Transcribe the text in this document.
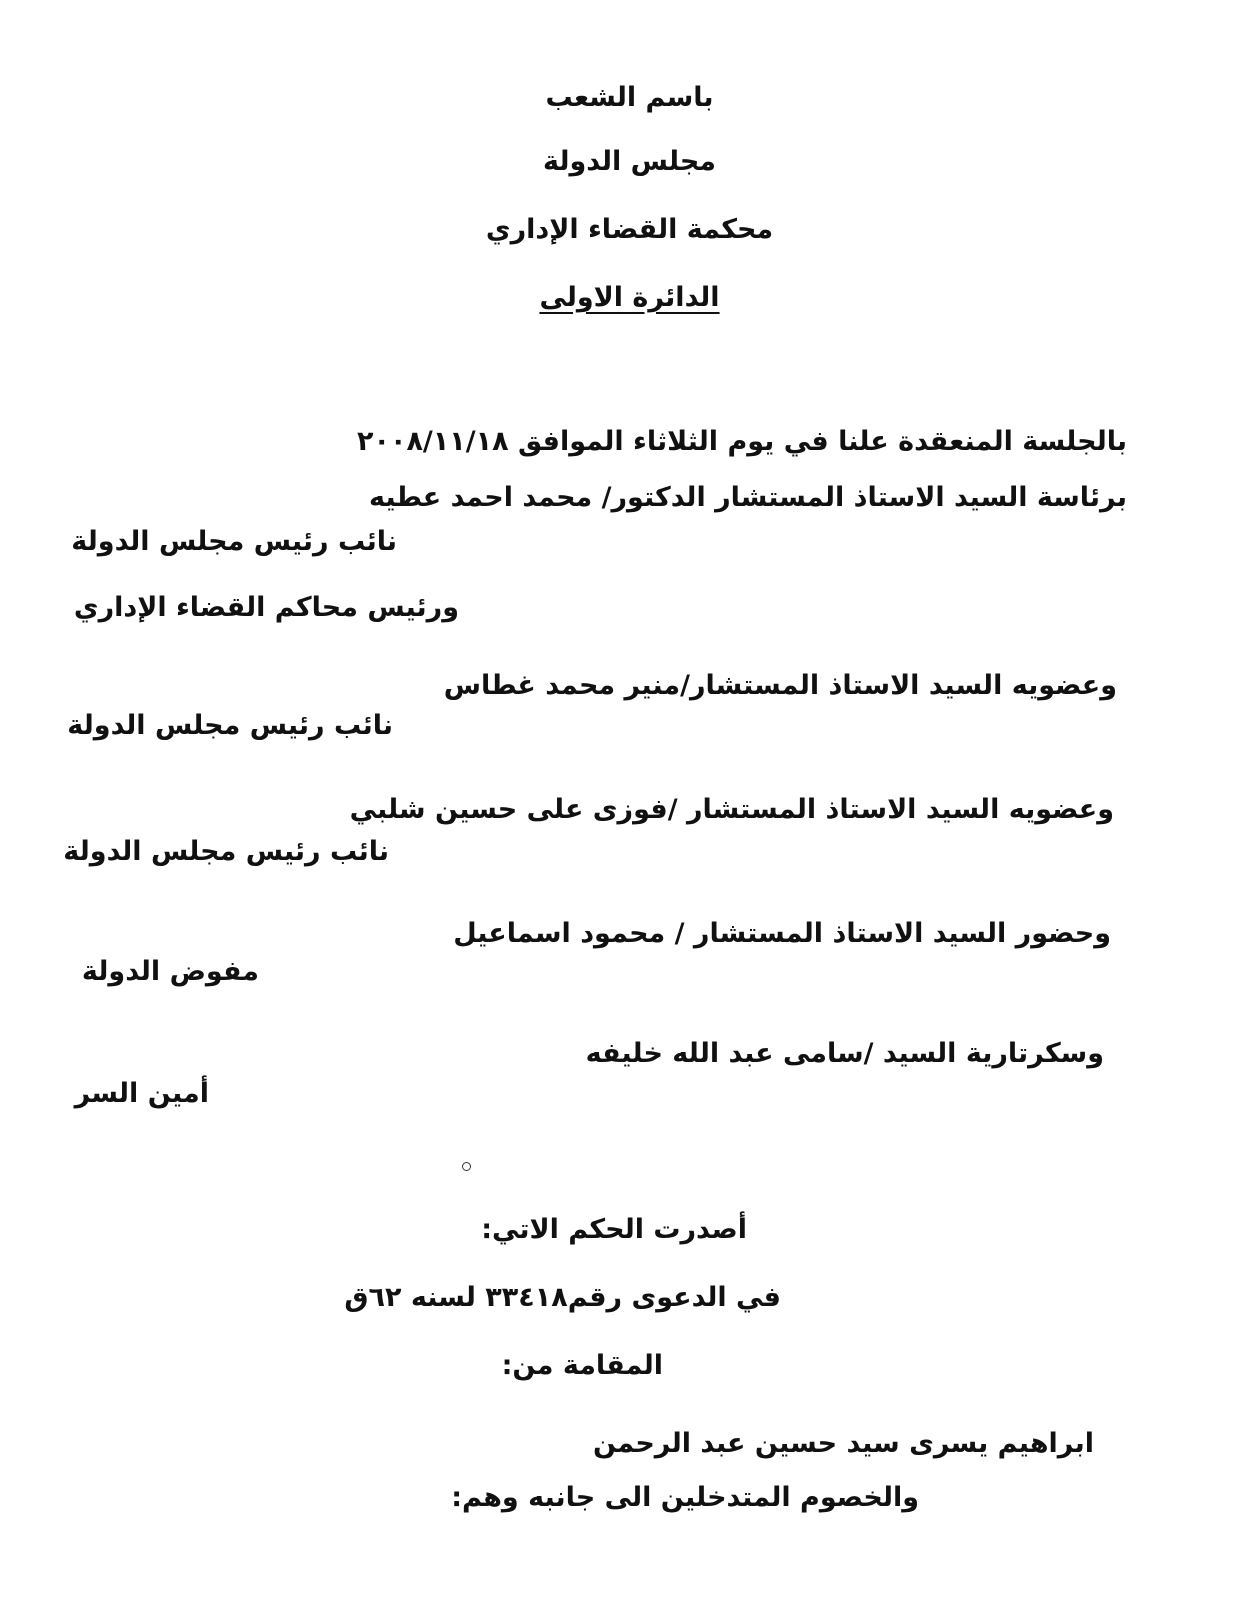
باسم الشعب
مجلس الدولة
محكمة القضاء الإداري
الدائرة الاولى
بالجلسة المنعقدة علنا في يوم الثلاثاء الموافق ٢٠٠٨/١١/١٨
برئاسة السيد الاستاذ المستشار الدكتور/ محمد احمد عطيه
نائب رئيس مجلس الدولة
ورئيس محاكم القضاء الإداري
وعضويه السيد الاستاذ المستشار/منير محمد غطاس
نائب رئيس مجلس الدولة
وعضويه السيد الاستاذ المستشار /فوزى على حسين شلبي
نائب رئيس مجلس الدولة
وحضور السيد الاستاذ المستشار / محمود اسماعيل
مفوض الدولة
وسكرتارية السيد /سامى عبد الله خليفه
أمين السر
أصدرت الحكم الاتي:
في الدعوى رقم٣٣٤١٨ لسنه ٦٢ق
المقامة من:
ابراهيم يسرى سيد حسين عبد الرحمن
والخصوم المتدخلين الى جانبه وهم:
